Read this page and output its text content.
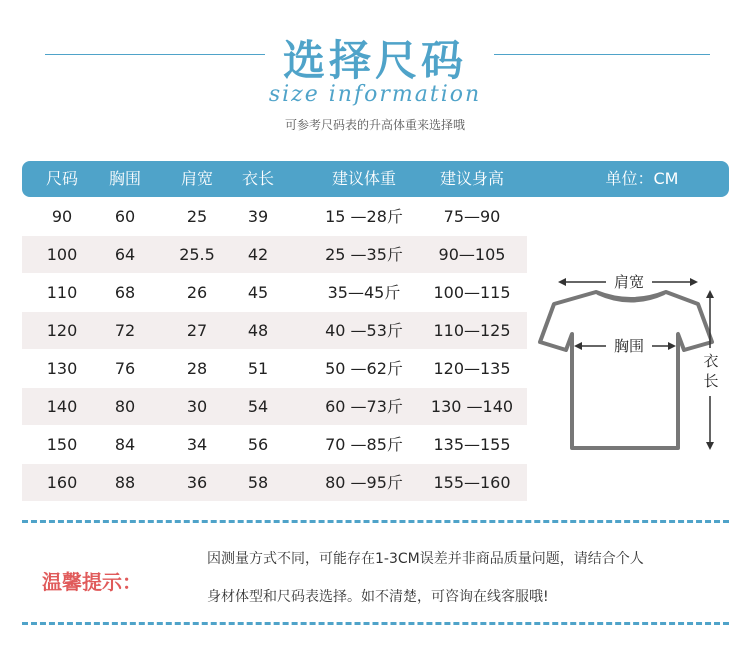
选择尺码
size information
可参考尺码表的升高体重来选择哦
尺码	胸围	肩宽	衣长	建议体重	建议身高	单位：CM
90	60	25	39	15 —28斤	75—90
100	64	25.5	42	25 —35斤	90—105
110	68	26	45	35—45斤	100—115
120	72	27	48	40 —53斤	110—125
130	76	28	51	50 —62斤	120—135
140	80	30	54	60 —73斤	130 —140
150	84	34	56	70 —85斤	135—155
160	88	36	58	80 —95斤	155—160
肩宽
胸围
衣
长
温馨提示：
因测量方式不同，可能存在1-3CM误差并非商品质量问题，请结合个人
身材体型和尺码表选择。如不清楚，可咨询在线客服哦!
